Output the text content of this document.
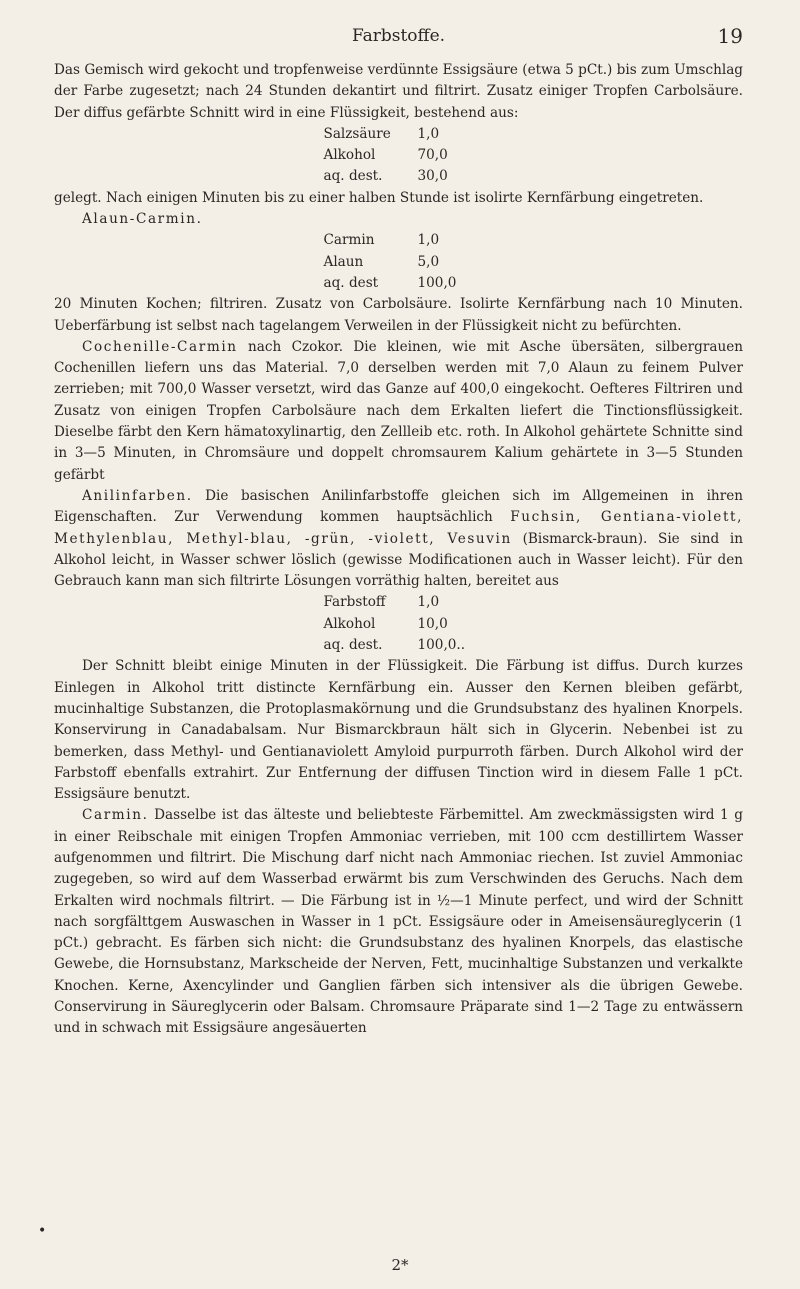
Farbstoffe.	19

Das Gemisch wird gekocht und tropfenweise verdünnte Essigsäure (etwa 5 pCt.) bis zum Umschlag der Farbe zugesetzt; nach 24 Stunden dekantirt und filtrirt. Zusatz einiger Tropfen Carbolsäure. Der diffus gefärbte Schnitt wird in eine Flüssigkeit, bestehend aus:

Salzsäure	1,0
Alkohol	70,0
aq. dest.	30,0

gelegt. Nach einigen Minuten bis zu einer halben Stunde ist isolirte Kernfärbung eingetreten.

Alaun-Carmin.

Carmin	1,0
Alaun	5,0
aq. dest	100,0

20 Minuten Kochen; filtriren. Zusatz von Carbolsäure. Isolirte Kernfärbung nach 10 Minuten. Ueberfärbung ist selbst nach tagelangem Verweilen in der Flüssigkeit nicht zu befürchten.

Cochenille-Carmin nach Czokor. Die kleinen, wie mit Asche übersäten, silbergrauen Cochenillen liefern uns das Material. 7,0 derselben werden mit 7,0 Alaun zu feinem Pulver zerrieben; mit 700,0 Wasser versetzt, wird das Ganze auf 400,0 eingekocht. Oefteres Filtriren und Zusatz von einigen Tropfen Carbolsäure nach dem Erkalten liefert die Tinctionsflüssigkeit. Dieselbe färbt den Kern hämatoxylinartig, den Zellleib etc. roth. In Alkohol gehärtete Schnitte sind in 3—5 Minuten, in Chromsäure und doppelt chromsaurem Kalium gehärtete in 3—5 Stunden gefärbt

Anilinfarben. Die basischen Anilinfarbstoffe gleichen sich im Allgemeinen in ihren Eigenschaften. Zur Verwendung kommen hauptsächlich Fuchsin, Gentiana-violett, Methylenblau, Methyl-blau, -grün, -violett, Vesuvin (Bismarck-braun). Sie sind in Alkohol leicht, in Wasser schwer löslich (gewisse Modificationen auch in Wasser leicht). Für den Gebrauch kann man sich filtrirte Lösungen vorräthig halten, bereitet aus

Farbstoff	1,0
Alkohol	10,0
aq. dest.	100,0..

Der Schnitt bleibt einige Minuten in der Flüssigkeit. Die Färbung ist diffus. Durch kurzes Einlegen in Alkohol tritt distincte Kernfärbung ein. Ausser den Kernen bleiben gefärbt, mucinhaltige Substanzen, die Protoplasmakörnung und die Grundsubstanz des hyalinen Knorpels. Konservirung in Canadabalsam. Nur Bismarckbraun hält sich in Glycerin. Nebenbei ist zu bemerken, dass Methyl- und Gentianaviolett Amyloid purpurroth färben. Durch Alkohol wird der Farbstoff ebenfalls extrahirt. Zur Entfernung der diffusen Tinction wird in diesem Falle 1 pCt. Essigsäure benutzt.

Carmin. Dasselbe ist das älteste und beliebteste Färbemittel. Am zweckmässigsten wird 1 g in einer Reibschale mit einigen Tropfen Ammoniac verrieben, mit 100 ccm destillirtem Wasser aufgenommen und filtrirt. Die Mischung darf nicht nach Ammoniac riechen. Ist zuviel Ammoniac zugegeben, so wird auf dem Wasserbad erwärmt bis zum Verschwinden des Geruchs. Nach dem Erkalten wird nochmals filtrirt. — Die Färbung ist in ½—1 Minute perfect, und wird der Schnitt nach sorgfälttgem Auswaschen in Wasser in 1 pCt. Essigsäure oder in Ameisensäureglycerin (1 pCt.) gebracht. Es färben sich nicht: die Grundsubstanz des hyalinen Knorpels, das elastische Gewebe, die Hornsubstanz, Markscheide der Nerven, Fett, mucinhaltige Substanzen und verkalkte Knochen. Kerne, Axencylinder und Ganglien färben sich intensiver als die übrigen Gewebe. Conservirung in Säureglycerin oder Balsam. Chromsaure Präparate sind 1—2 Tage zu entwässern und in schwach mit Essigsäure angesäuerten

•
2*
